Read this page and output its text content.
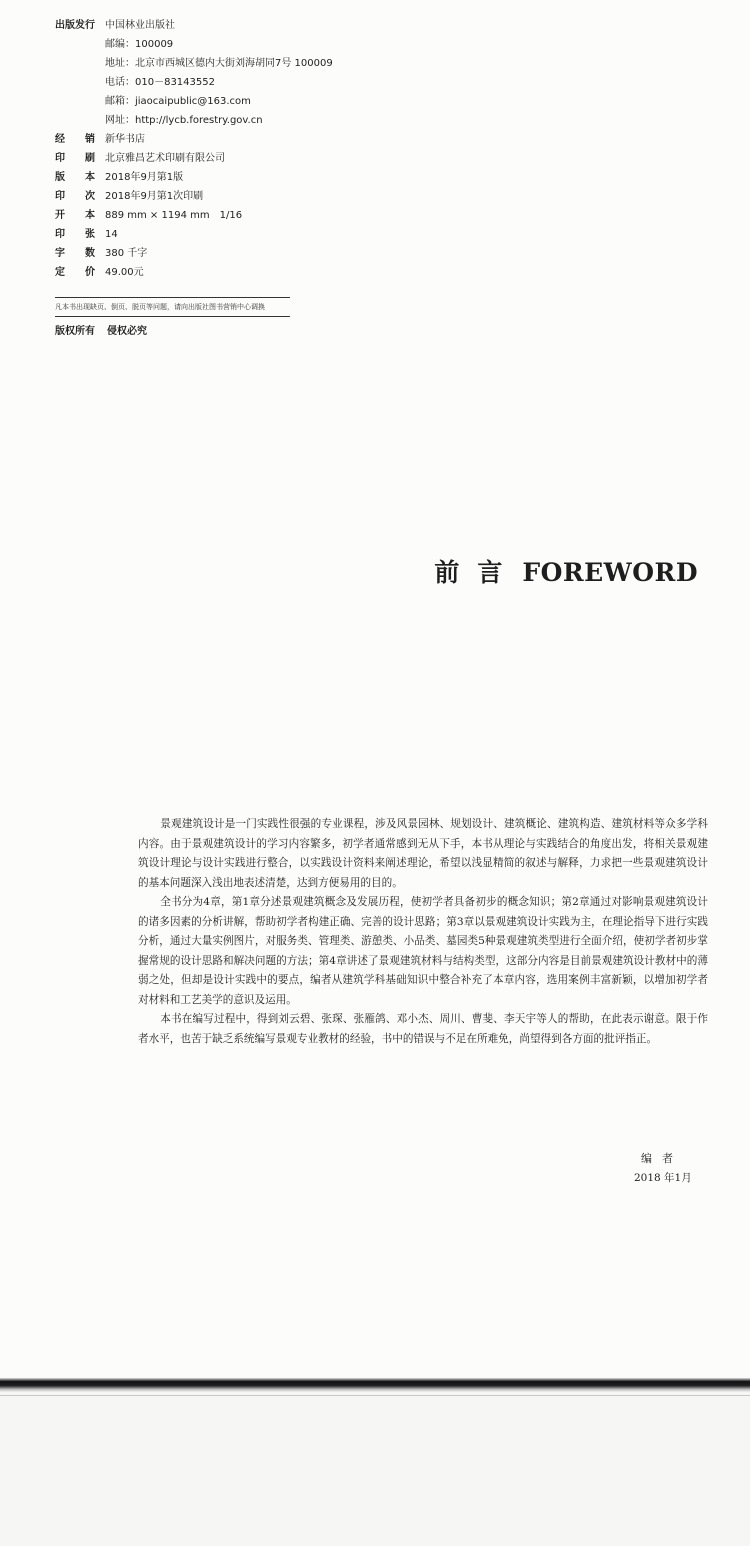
出版发行	中国林业出版社
邮编：100009
地址：北京市西城区德内大街刘海胡同7号 100009
电话：010－83143552
邮箱：jiaocaipublic@163.com
网址：http://lycb.forestry.gov.cn
经 销 新华书店
印 刷 北京雅昌艺术印刷有限公司
版 本 2018年9月第1版
印 次 2018年9月第1次印刷
开 本 889 mm × 1194 mm　1/16
印 张 14
字 数 380 千字
定 价 49.00元
凡本书出现缺页、倒页、脱页等问题，请向出版社图书营销中心调换
版权所有 侵权必究
前言FOREWORD

景观建筑设计是一门实践性很强的专业课程，涉及风景园林、规划设计、建筑概论、建筑构造、建筑材料等众多学科内容。由于景观建筑设计的学习内容繁多，初学者通常感到无从下手，本书从理论与实践结合的角度出发，将相关景观建筑设计理论与设计实践进行整合，以实践设计资料来阐述理论，希望以浅显精简的叙述与解释，力求把一些景观建筑设计的基本问题深入浅出地表述清楚，达到方便易用的目的。

全书分为4章，第1章分述景观建筑概念及发展历程，使初学者具备初步的概念知识；第2章通过对影响景观建筑设计的诸多因素的分析讲解，帮助初学者构建正确、完善的设计思路；第3章以景观建筑设计实践为主，在理论指导下进行实践分析，通过大量实例图片，对服务类、管理类、游憩类、小品类、墓园类5种景观建筑类型进行全面介绍，使初学者初步掌握常规的设计思路和解决问题的方法；第4章讲述了景观建筑材料与结构类型，这部分内容是目前景观建筑设计教材中的薄弱之处，但却是设计实践中的要点，编者从建筑学科基础知识中整合补充了本章内容，选用案例丰富新颖，以增加初学者对材料和工艺美学的意识及运用。

本书在编写过程中，得到刘云碧、张琛、张雁鸽、邓小杰、周川、曹斐、李天宇等人的帮助，在此表示谢意。限于作者水平，也苦于缺乏系统编写景观专业教材的经验，书中的错误与不足在所难免，尚望得到各方面的批评指正。

编者
2018 年1月
